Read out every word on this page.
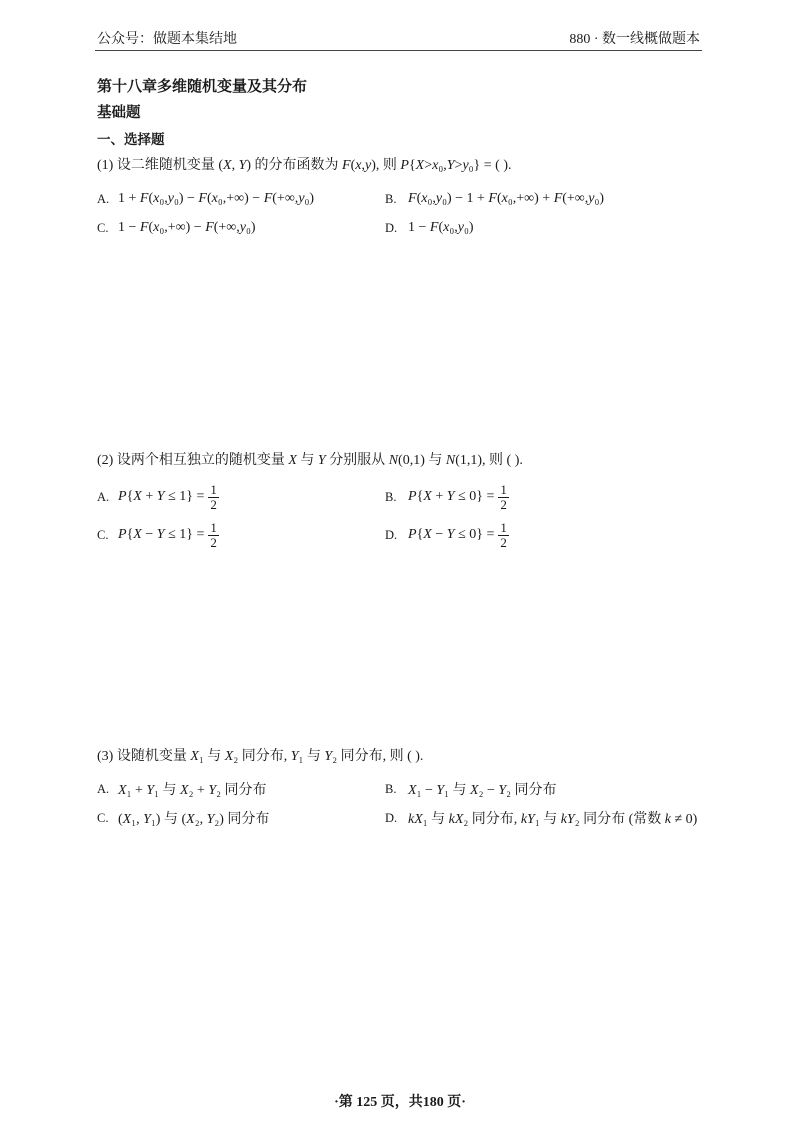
公众号：做题本集结地	880 · 数一线概做题本
第十八章多维随机变量及其分布
基础题
一、选择题
(1) 设二维随机变量 (X, Y) 的分布函数为 F(x,y), 则 P{X>x₀,Y>y₀} = ( ).
A. 1 + F(x₀,y₀) − F(x₀,+∞) − F(+∞,y₀)	B. F(x₀,y₀) − 1 + F(x₀,+∞) + F(+∞,y₀)
C. 1 − F(x₀,+∞) − F(+∞,y₀)	D. 1 − F(x₀,y₀)
(2) 设两个相互独立的随机变量 X 与 Y 分别服从 N(0,1) 与 N(1,1), 则 ( ).
A. $P\{X + Y \le 1\} = \frac{1}{2}$	B. $P\{X + Y \le 0\} = \frac{1}{2}$
C. $P\{X - Y \le 1\} = \frac{1}{2}$	D. $P\{X - Y \le 0\} = \frac{1}{2}$
(3) 设随机变量 X₁ 与 X₂ 同分布, Y₁ 与 Y₂ 同分布, 则 ( ).
A. X₁ + Y₁ 与 X₂ + Y₂ 同分布	B. X₁ − Y₁ 与 X₂ − Y₂ 同分布
C. (X₁, Y₁) 与 (X₂, Y₂) 同分布	D. kX₁ 与 kX₂ 同分布, kY₁ 与 kY₂ 同分布 (常数 k ≠ 0)
·第 125 页，共180 页·
